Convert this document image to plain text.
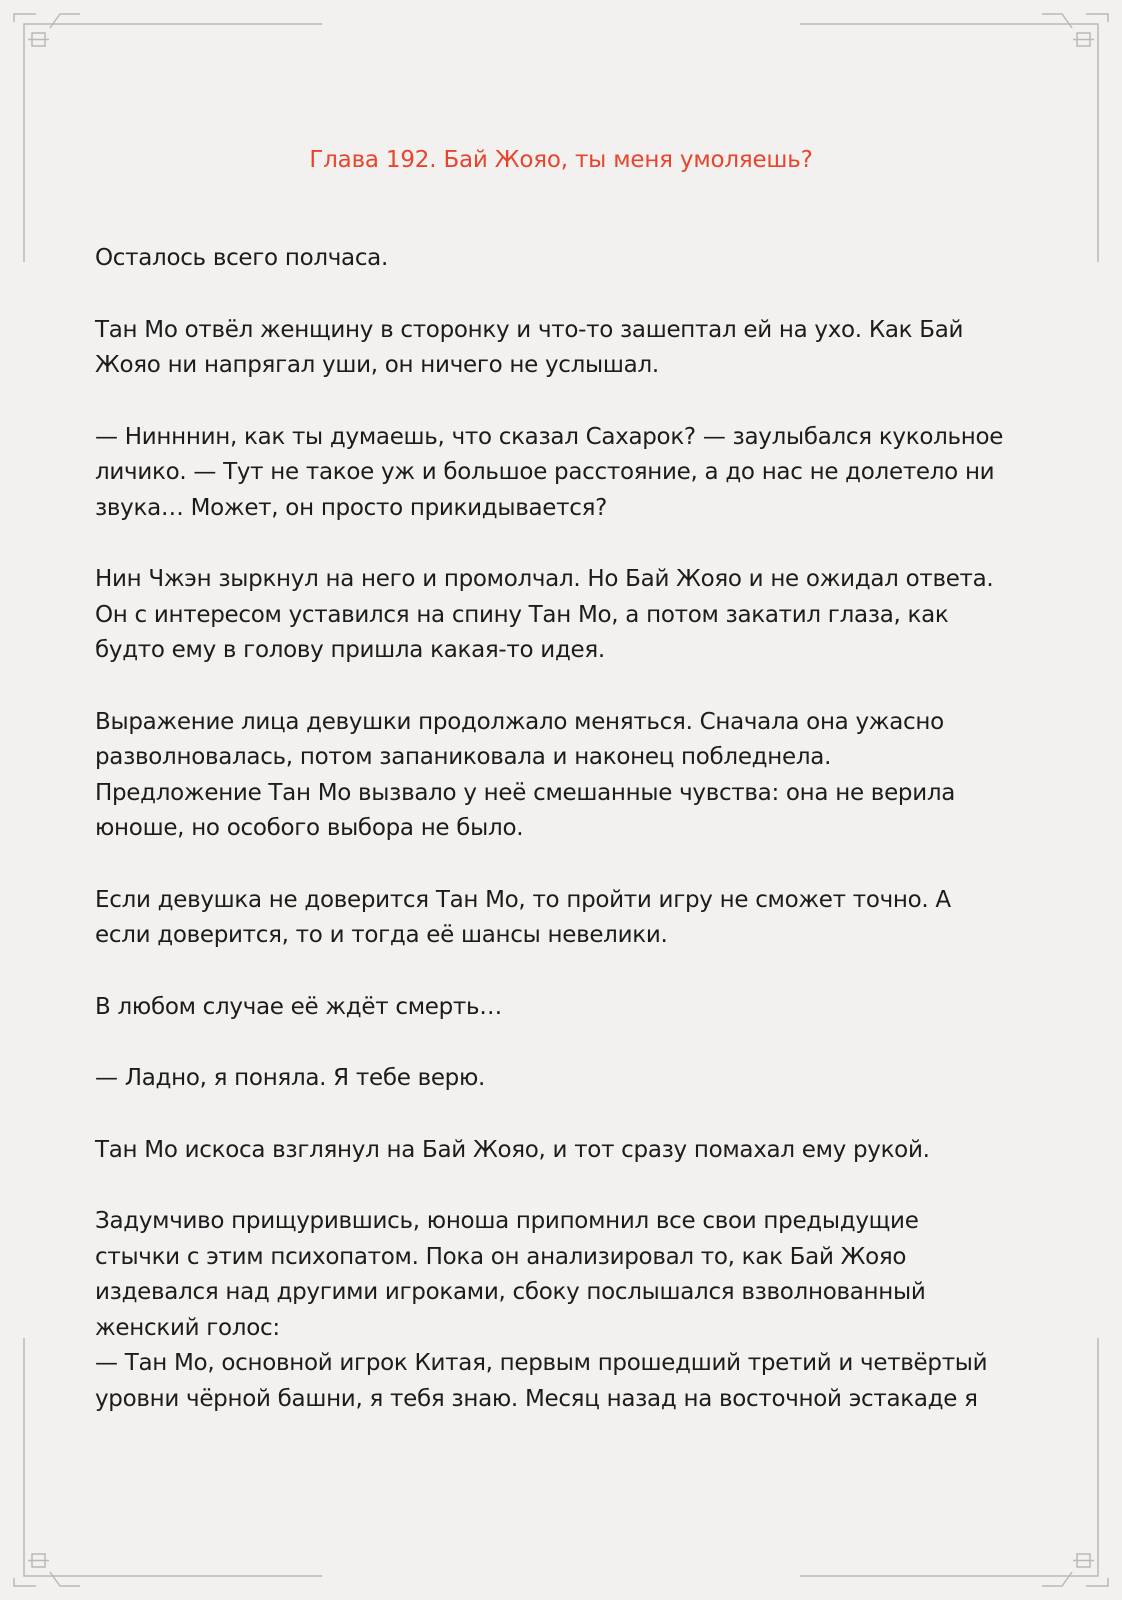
Глава 192. Бай Жояо, ты меня умоляешь?

Осталось всего полчаса.

Тан Мо отвёл женщину в сторонку и что-то зашептал ей на ухо. Как Бай
Жояо ни напрягал уши, он ничего не услышал.

— Нинннин, как ты думаешь, что сказал Сахарок? — заулыбался кукольное
личико. — Тут не такое уж и большое расстояние, а до нас не долетело ни
звука… Может, он просто прикидывается?

Нин Чжэн зыркнул на него и промолчал. Но Бай Жояо и не ожидал ответа.
Он с интересом уставился на спину Тан Мо, а потом закатил глаза, как
будто ему в голову пришла какая-то идея.

Выражение лица девушки продолжало меняться. Сначала она ужасно
разволновалась, потом запаниковала и наконец побледнела.
Предложение Тан Мо вызвало у неё смешанные чувства: она не верила
юноше, но особого выбора не было.

Если девушка не доверится Тан Мо, то пройти игру не сможет точно. А
если доверится, то и тогда её шансы невелики.

В любом случае её ждёт смерть…

— Ладно, я поняла. Я тебе верю.

Тан Мо искоса взглянул на Бай Жояо, и тот сразу помахал ему рукой.

Задумчиво прищурившись, юноша припомнил все свои предыдущие
стычки с этим психопатом. Пока он анализировал то, как Бай Жояо
издевался над другими игроками, сбоку послышался взволнованный
женский голос:

— Тан Мо, основной игрок Китая, первым прошедший третий и четвёртый
уровни чёрной башни, я тебя знаю. Месяц назад на восточной эстакаде я
